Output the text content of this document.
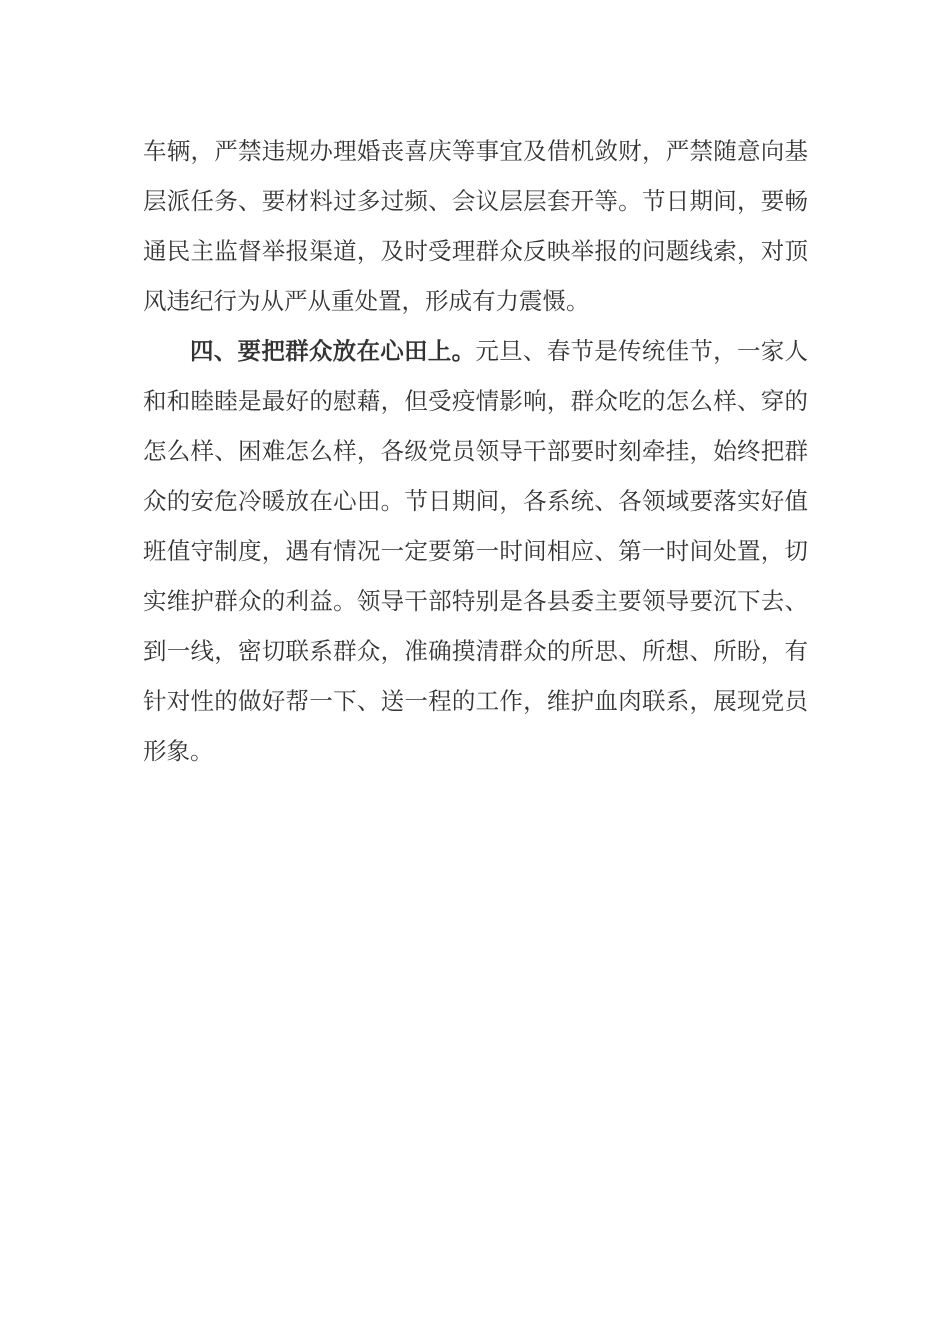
车辆，严禁违规办理婚丧喜庆等事宜及借机敛财，严禁随意向基层派任务、要材料过多过频、会议层层套开等。节日期间，要畅通民主监督举报渠道，及时受理群众反映举报的问题线索，对顶风违纪行为从严从重处置，形成有力震慑。

四、要把群众放在心田上。元旦、春节是传统佳节，一家人和和睦睦是最好的慰藉，但受疫情影响，群众吃的怎么样、穿的怎么样、困难怎么样，各级党员领导干部要时刻牵挂，始终把群众的安危冷暖放在心田。节日期间，各系统、各领域要落实好值班值守制度，遇有情况一定要第一时间相应、第一时间处置，切实维护群众的利益。领导干部特别是各县委主要领导要沉下去、到一线，密切联系群众，准确摸清群众的所思、所想、所盼，有针对性的做好帮一下、送一程的工作，维护血肉联系，展现党员形象。
